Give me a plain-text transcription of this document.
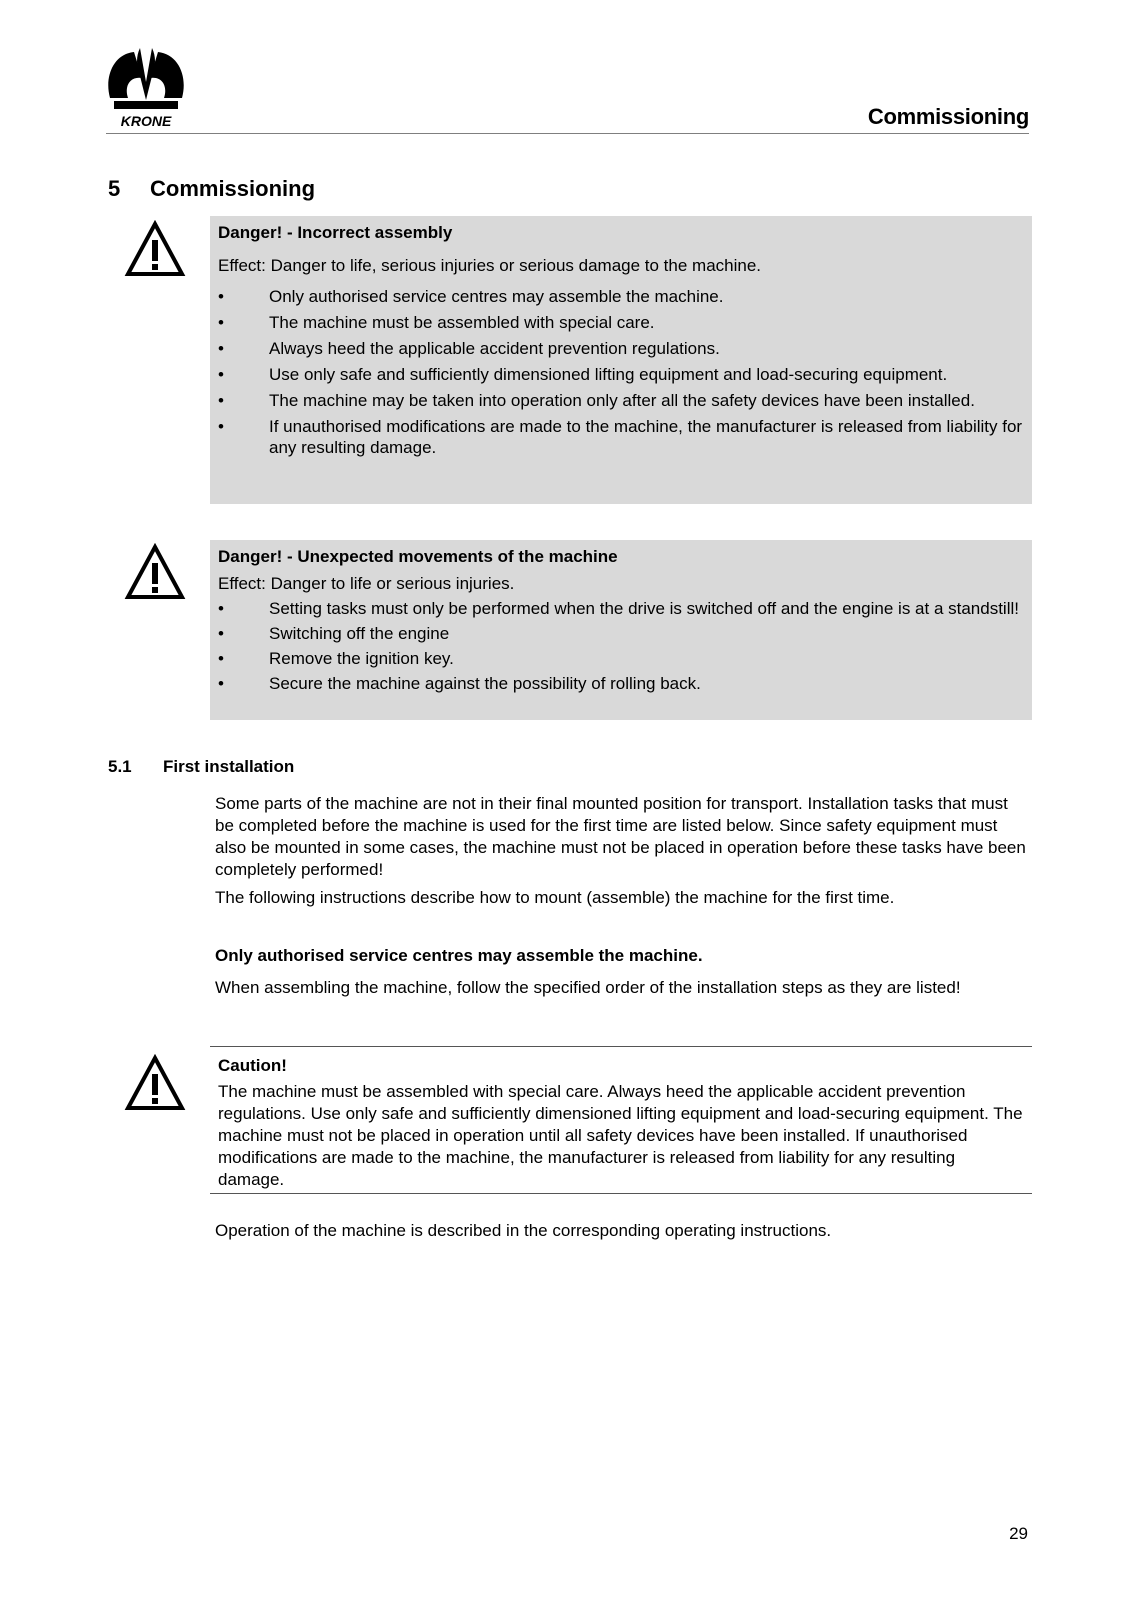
KRONE	Commissioning
5 Commissioning
Danger! - Incorrect assembly
Effect: Danger to life, serious injuries or serious damage to the machine.
•	Only authorised service centres may assemble the machine.
•	The machine must be assembled with special care.
•	Always heed the applicable accident prevention regulations.
•	Use only safe and sufficiently dimensioned lifting equipment and load-securing equipment.
•	The machine may be taken into operation only after all the safety devices have been installed.
•	If unauthorised modifications are made to the machine, the manufacturer is released from liability for any resulting damage.
Danger! - Unexpected movements of the machine
Effect: Danger to life or serious injuries.
•	Setting tasks must only be performed when the drive is switched off and the engine is at a standstill!
•	Switching off the engine
•	Remove the ignition key.
•	Secure the machine against the possibility of rolling back.
5.1 First installation
Some parts of the machine are not in their final mounted position for transport. Installation tasks that must be completed before the machine is used for the first time are listed below. Since safety equipment must also be mounted in some cases, the machine must not be placed in operation before these tasks have been completely performed!
The following instructions describe how to mount (assemble) the machine for the first time.
Only authorised service centres may assemble the machine.
When assembling the machine, follow the specified order of the installation steps as they are listed!
Caution!
The machine must be assembled with special care. Always heed the applicable accident prevention regulations. Use only safe and sufficiently dimensioned lifting equipment and load-securing equipment. The machine must not be placed in operation until all safety devices have been installed. If unauthorised modifications are made to the machine, the manufacturer is released from liability for any resulting damage.
Operation of the machine is described in the corresponding operating instructions.
29
